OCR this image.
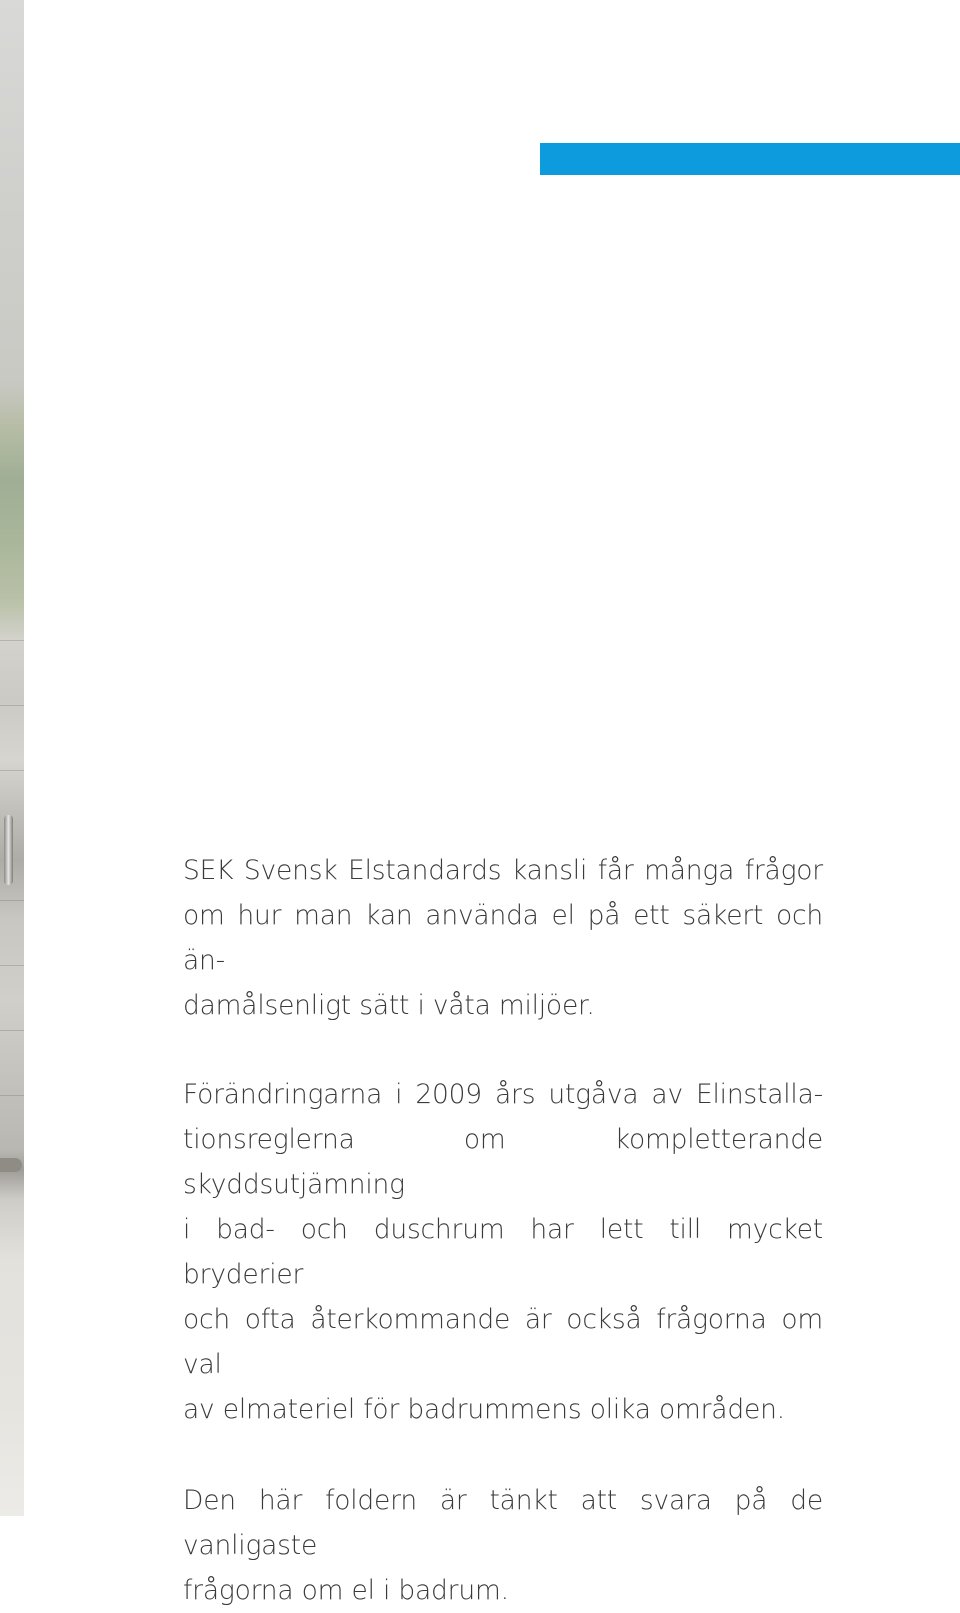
SEK Svensk Elstandards kansli får många frågor
om hur man kan använda el på ett säkert och än-
damålsenligt sätt i våta miljöer.

Förändringarna i 2009 års utgåva av Elinstalla-
tionsreglerna om kompletterande skyddsutjämning
i bad- och duschrum har lett till mycket bryderier
och ofta återkommande är också frågorna om val
av elmateriel för badrummens olika områden.

Den här foldern är tänkt att svara på de vanligaste
frågorna om el i badrum.
